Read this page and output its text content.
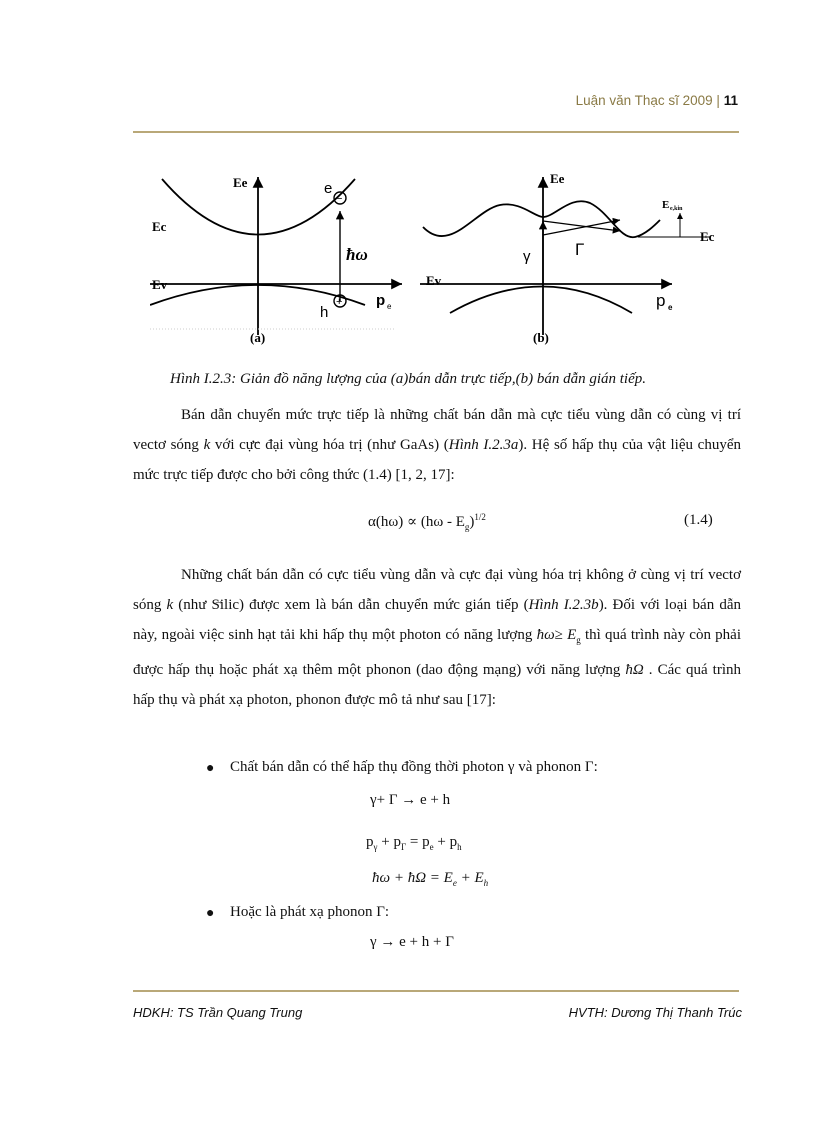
Luận văn Thạc sĩ 2009 | 11
Ee
Ec
Ev
e
−
+
h
ħω
p e
(a)
Ee
E e,kin
Ec
Ev
γ	Γ
p e
(b)
Hình I.2.3: Giản đồ năng lượng của (a)bán dẫn trực tiếp,(b) bán dẫn gián tiếp.
Bán dẫn chuyển mức trực tiếp là những chất bán dẫn mà cực tiểu vùng dẫn có cùng vị trí vectơ sóng → k với cực đại vùng hóa trị (như GaAs) (Hình I.2.3a). Hệ số hấp thụ của vật liệu chuyển mức trực tiếp được cho bởi công thức (1.4) [1, 2, 17]:
$\alpha(h\omega) \propto (h\omega - E_g)^{1/2}$	(1.4)
Những chất bán dẫn có cực tiểu vùng dẫn và cực đại vùng hóa trị không ở cùng vị trí vectơ sóng → k (như Silic) được xem là bán dẫn chuyển mức gián tiếp (Hình I.2.3b). Đối với loại bán dẫn này, ngoài việc sinh hạt tải khi hấp thụ một photon có năng lượng ħω≥ $E_g$ thì quá trình này còn phải được hấp thụ hoặc phát xạ thêm một phonon (dao động mạng) với năng lượng ħΩ . Các quá trình hấp thụ và phát xạ photon, phonon được mô tả như sau [17]:
● Chất bán dẫn có thể hấp thụ đồng thời photon γ và phonon Γ:
γ+ Γ → e + h
$p_\gamma + p_\Gamma = p_e + p_h$
ħω + ħΩ = $E_e + E_h$
● Hoặc là phát xạ phonon Γ:
γ → e + h + Γ
HDKH: TS Trần Quang Trung	HVTH: Dương Thị Thanh Trúc
